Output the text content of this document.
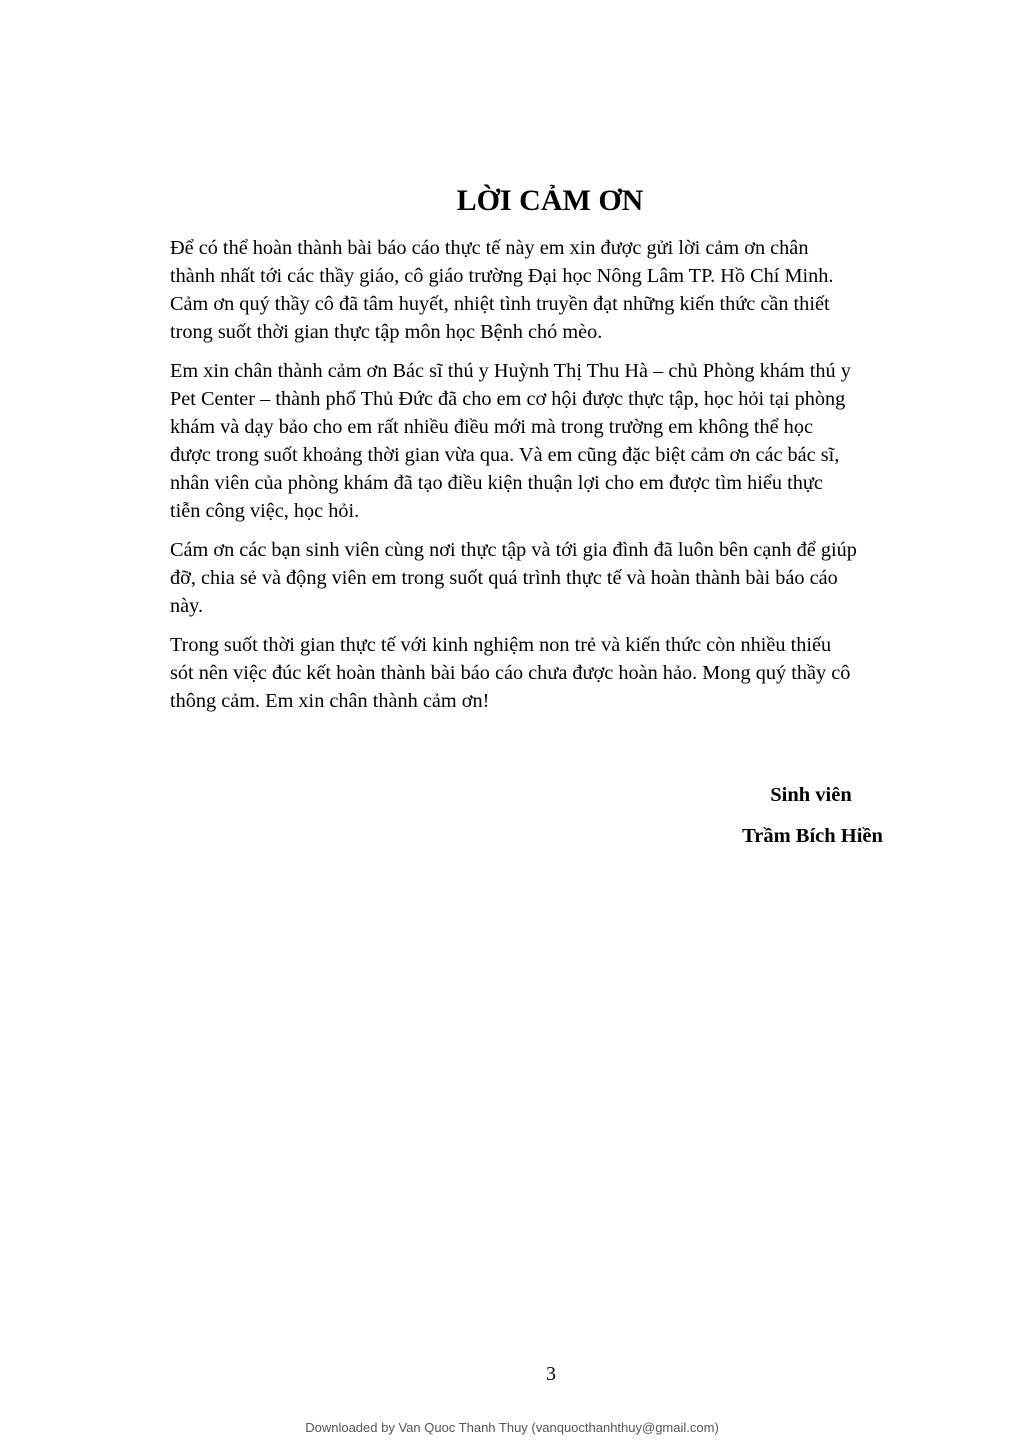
LỜI CẢM ƠN

Để có thể hoàn thành bài báo cáo thực tế này em xin được gửi lời cảm ơn chân
thành nhất tới các thầy giáo, cô giáo trường Đại học Nông Lâm TP. Hồ Chí Minh.
Cảm ơn quý thầy cô đã tâm huyết, nhiệt tình truyền đạt những kiến thức cần thiết
trong suốt thời gian thực tập môn học Bệnh chó mèo.

Em xin chân thành cảm ơn Bác sĩ thú y Huỳnh Thị Thu Hà – chủ Phòng khám thú y
Pet Center – thành phố Thủ Đức đã cho em cơ hội được thực tập, học hỏi tại phòng
khám và dạy bảo cho em rất nhiều điều mới mà trong trường em không thể học
được trong suốt khoảng thời gian vừa qua. Và em cũng đặc biệt cảm ơn các bác sĩ,
nhân viên của phòng khám đã tạo điều kiện thuận lợi cho em được tìm hiểu thực
tiễn công việc, học hỏi.

Cám ơn các bạn sinh viên cùng nơi thực tập và tới gia đình đã luôn bên cạnh để giúp
đỡ, chia sẻ và động viên em trong suốt quá trình thực tế và hoàn thành bài báo cáo
này.

Trong suốt thời gian thực tế với kinh nghiệm non trẻ và kiến thức còn nhiều thiếu
sót nên việc đúc kết hoàn thành bài báo cáo chưa được hoàn hảo. Mong quý thầy cô
thông cảm. Em xin chân thành cảm ơn!

Sinh viên

Trầm Bích Hiền

3
Downloaded by Van Quoc Thanh Thuy (vanquocthanhthuy@gmail.com)
